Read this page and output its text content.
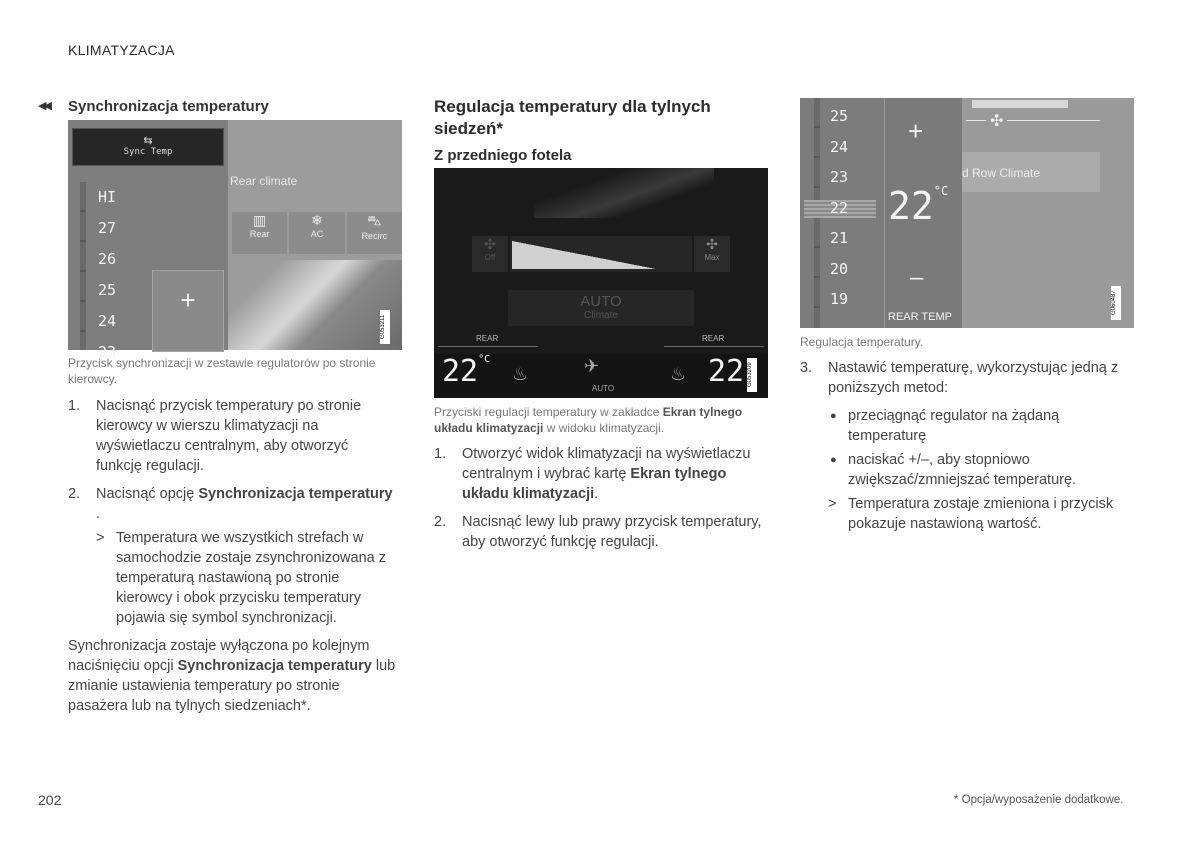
KLIMATYZACJA
◀◀ Synchronizacja temperatury
⇆
Sync Temp
HI
27
26
25
24
23
+
Rear climate
▥
Rear
❄
AC
⛍
Recirc
G053211
Przycisk synchronizacji w zestawie regulatorów po stronie kierowcy.
1. Nacisnąć przycisk temperatury po stronie kierowcy w wierszu klimatyzacji na wyświetlaczu centralnym, aby otworzyć funkcję regulacji.
2. Nacisnąć opcję Synchronizacja temperatury .
> Temperatura we wszystkich strefach w samochodzie zostaje zsynchronizowana z temperaturą nastawioną po stronie kierowcy i obok przycisku temperatury pojawia się symbol synchronizacji.
Synchronizacja zostaje wyłączona po kolejnym naciśnięciu opcji Synchronizacja temperatury lub zmianie ustawienia temperatury po stronie pasażera lub na tylnych siedzeniach*.
Regulacja temperatury dla tylnych siedzeń*
Z przedniego fotela
✣
Off
✣
Max
AUTO
Climate
REAR	REAR
$22^{^\circ C}$
♨	✈
AUTO
♨ 22 G053209
Przyciski regulacji temperatury w zakładce Ekran tylnego układu klimatyzacji w widoku klimatyzacji.
1. Otworzyć widok klimatyzacji na wyświetlaczu centralnym i wybrać kartę Ekran tylnego układu klimatyzacji.
2. Nacisnąć lewy lub prawy przycisk temperatury, aby otworzyć funkcję regulacji.
25
24
23
22
21
20
19
+
$22^{^\circ C}$
–
REAR TEMP
✣
d Row Climate
G060487
Regulacja temperatury.
3. Nastawić temperaturę, wykorzystując jedną z poniższych metod:
● przeciągnąć regulator na żądaną temperaturę
● naciskać +/–, aby stopniowo zwiększać/zmniejszać temperaturę.
> Temperatura zostaje zmieniona i przycisk pokazuje nastawioną wartość.
202	* Opcja/wyposażenie dodatkowe.
